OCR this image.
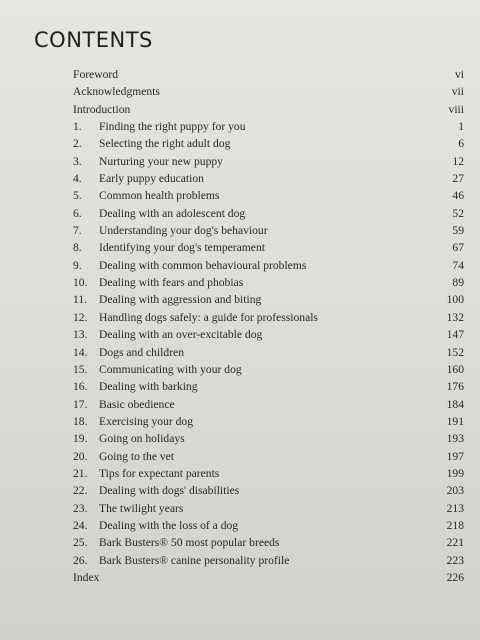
CONTENTS
Foreword	vi
Acknowledgments	vii
Introduction	viii
1. Finding the right puppy for you	1
2. Selecting the right adult dog	6
3. Nurturing your new puppy	12
4. Early puppy education	27
5. Common health problems	46
6. Dealing with an adolescent dog	52
7. Understanding your dog's behaviour	59
8. Identifying your dog's temperament	67
9. Dealing with common behavioural problems	74
10. Dealing with fears and phobias	89
11. Dealing with aggression and biting	100
12. Handling dogs safely: a guide for professionals	132
13. Dealing with an over-excitable dog	147
14. Dogs and children	152
15. Communicating with your dog	160
16. Dealing with barking	176
17. Basic obedience	184
18. Exercising your dog	191
19. Going on holidays	193
20. Going to the vet	197
21. Tips for expectant parents	199
22. Dealing with dogs' disabilities	203
23. The twilight years	213
24. Dealing with the loss of a dog	218
25. Bark Busters® 50 most popular breeds	221
26. Bark Busters® canine personality profile	223
Index	226
